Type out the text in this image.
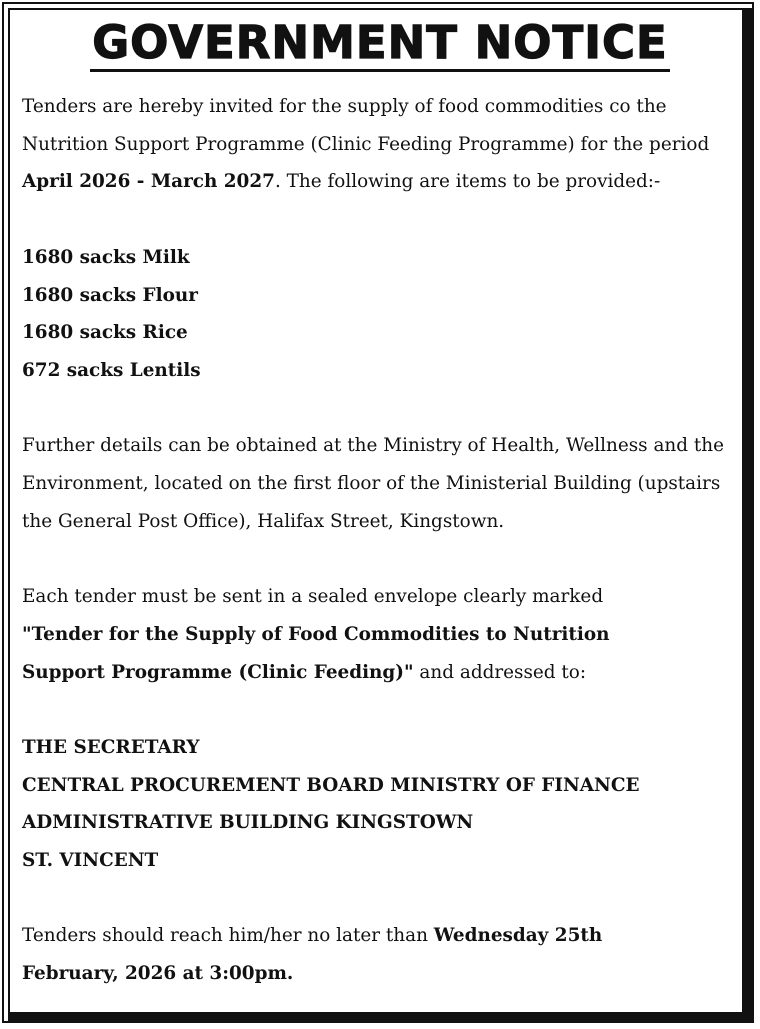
GOVERNMENT NOTICE
Tenders are hereby invited for the supply of food commodities co the
Nutrition Support Programme (Clinic Feeding Programme) for the period
April 2026 - March 2027. The following are items to be provided:-
1680 sacks Milk
1680 sacks Flour
1680 sacks Rice
672 sacks Lentils
Further details can be obtained at the Ministry of Health, Wellness and the
Environment, located on the first floor of the Ministerial Building (upstairs
the General Post Office), Halifax Street, Kingstown.
Each tender must be sent in a sealed envelope clearly marked
"Tender for the Supply of Food Commodities to Nutrition
Support Programme (Clinic Feeding)" and addressed to:
THE SECRETARY
CENTRAL PROCUREMENT BOARD MINISTRY OF FINANCE
ADMINISTRATIVE BUILDING KINGSTOWN
ST. VINCENT
Tenders should reach him/her no later than Wednesday 25th
February, 2026 at 3:00pm.
